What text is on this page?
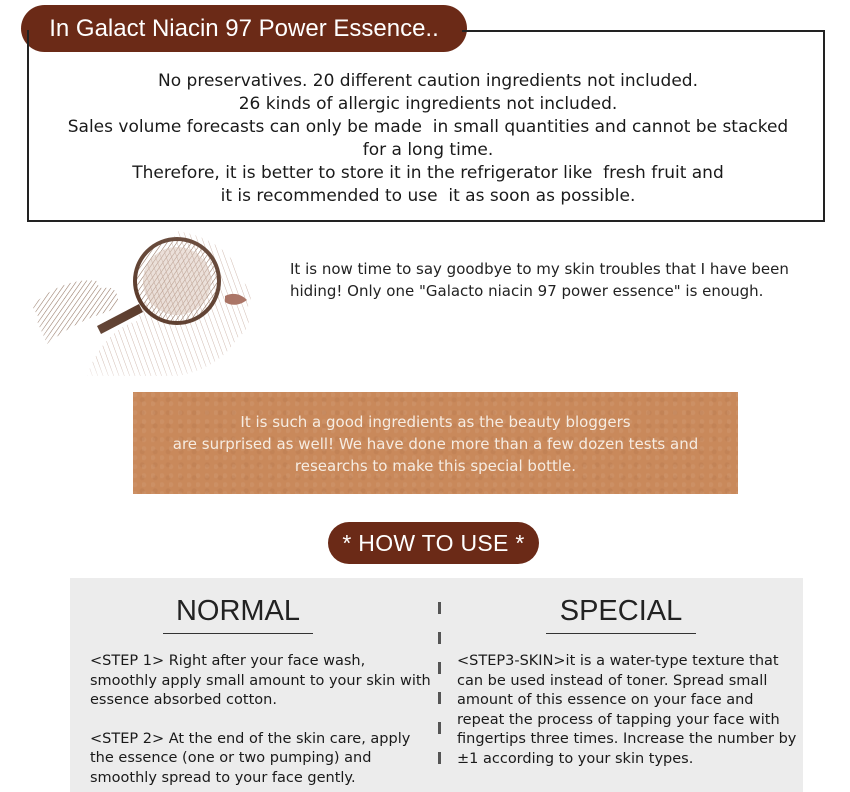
In Galact Niacin 97 Power Essence..
No preservatives. 20 different caution ingredients not included.
26 kinds of allergic ingredients not included.
Sales volume forecasts can only be made  in small quantities and cannot be stacked
for a long time.
Therefore, it is better to store it in the refrigerator like  fresh fruit and
it is recommended to use  it as soon as possible.
It is now time to say goodbye to my skin troubles that I have been hiding! Only one "Galacto niacin 97 power essence" is enough.
It is such a good ingredients as the beauty bloggers
are surprised as well! We have done more than a few dozen tests and
researchs to make this special bottle.
* HOW TO USE *
NORMAL	SPECIAL

<STEP 1> Right after your face wash, smoothly apply small amount to your skin with essence absorbed cotton.

<STEP 2> At the end of the skin care, apply the essence (one or two pumping) and smoothly spread to your face gently.

<STEP3-SKIN>it is a water-type texture that can be used instead of toner. Spread small amount of this essence on your face and repeat the process of tapping your face with fingertips three times. Increase the number by ±1 according to your skin types.
